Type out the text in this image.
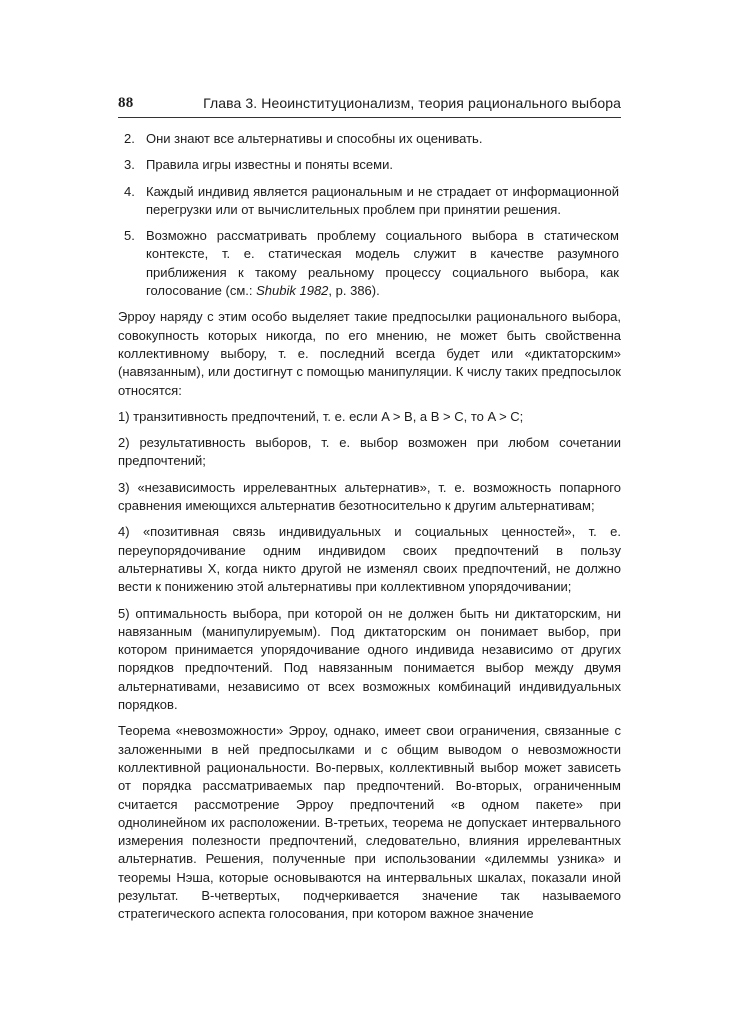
88	Глава 3. Неоинституционализм, теория рационального выбора
2. Они знают все альтернативы и способны их оценивать.
3. Правила игры известны и поняты всеми.
4. Каждый индивид является рациональным и не страдает от информационной перегрузки или от вычислительных проблем при принятии решения.
5. Возможно рассматривать проблему социального выбора в статическом контексте, т. е. статическая модель служит в качестве разумного приближения к такому реальному процессу социального выбора, как голосование (см.: Shubik 1982, p. 386).

Эрроу наряду с этим особо выделяет такие предпосылки рационального выбора, совокупность которых никогда, по его мнению, не может быть свойственна коллективному выбору, т. е. последний всегда будет или «диктаторским» (навязанным), или достигнут с помощью манипуляции. К числу таких предпосылок относятся:

1) транзитивность предпочтений, т. е. если A > B, а B > C, то A > C;

2) результативность выборов, т. е. выбор возможен при любом сочетании предпочтений;

3) «независимость иррелевантных альтернатив», т. е. возможность попарного сравнения имеющихся альтернатив безотносительно к другим альтернативам;

4) «позитивная связь индивидуальных и социальных ценностей», т. е. переупорядочивание одним индивидом своих предпочтений в пользу альтернативы X, когда никто другой не изменял своих предпочтений, не должно вести к понижению этой альтернативы при коллективном упорядочивании;

5) оптимальность выбора, при которой он не должен быть ни диктаторским, ни навязанным (манипулируемым). Под диктаторским он понимает выбор, при котором принимается упорядочивание одного индивида независимо от других порядков предпочтений. Под навязанным понимается выбор между двумя альтернативами, независимо от всех возможных комбинаций индивидуальных порядков.

Теорема «невозможности» Эрроу, однако, имеет свои ограничения, связанные с заложенными в ней предпосылками и с общим выводом о невозможности коллективной рациональности. Во-первых, коллективный выбор может зависеть от порядка рассматриваемых пар предпочтений. Во-вторых, ограниченным считается рассмотрение Эрроу предпочтений «в одном пакете» при однолинейном их расположении. В-третьих, теорема не допускает интервального измерения полезности предпочтений, следовательно, влияния иррелевантных альтернатив. Решения, полученные при использовании «дилеммы узника» и теоремы Нэша, которые основываются на интервальных шкалах, показали иной результат. В-четвертых, подчеркивается значение так называемого стратегического аспекта голосования, при котором важное значение
